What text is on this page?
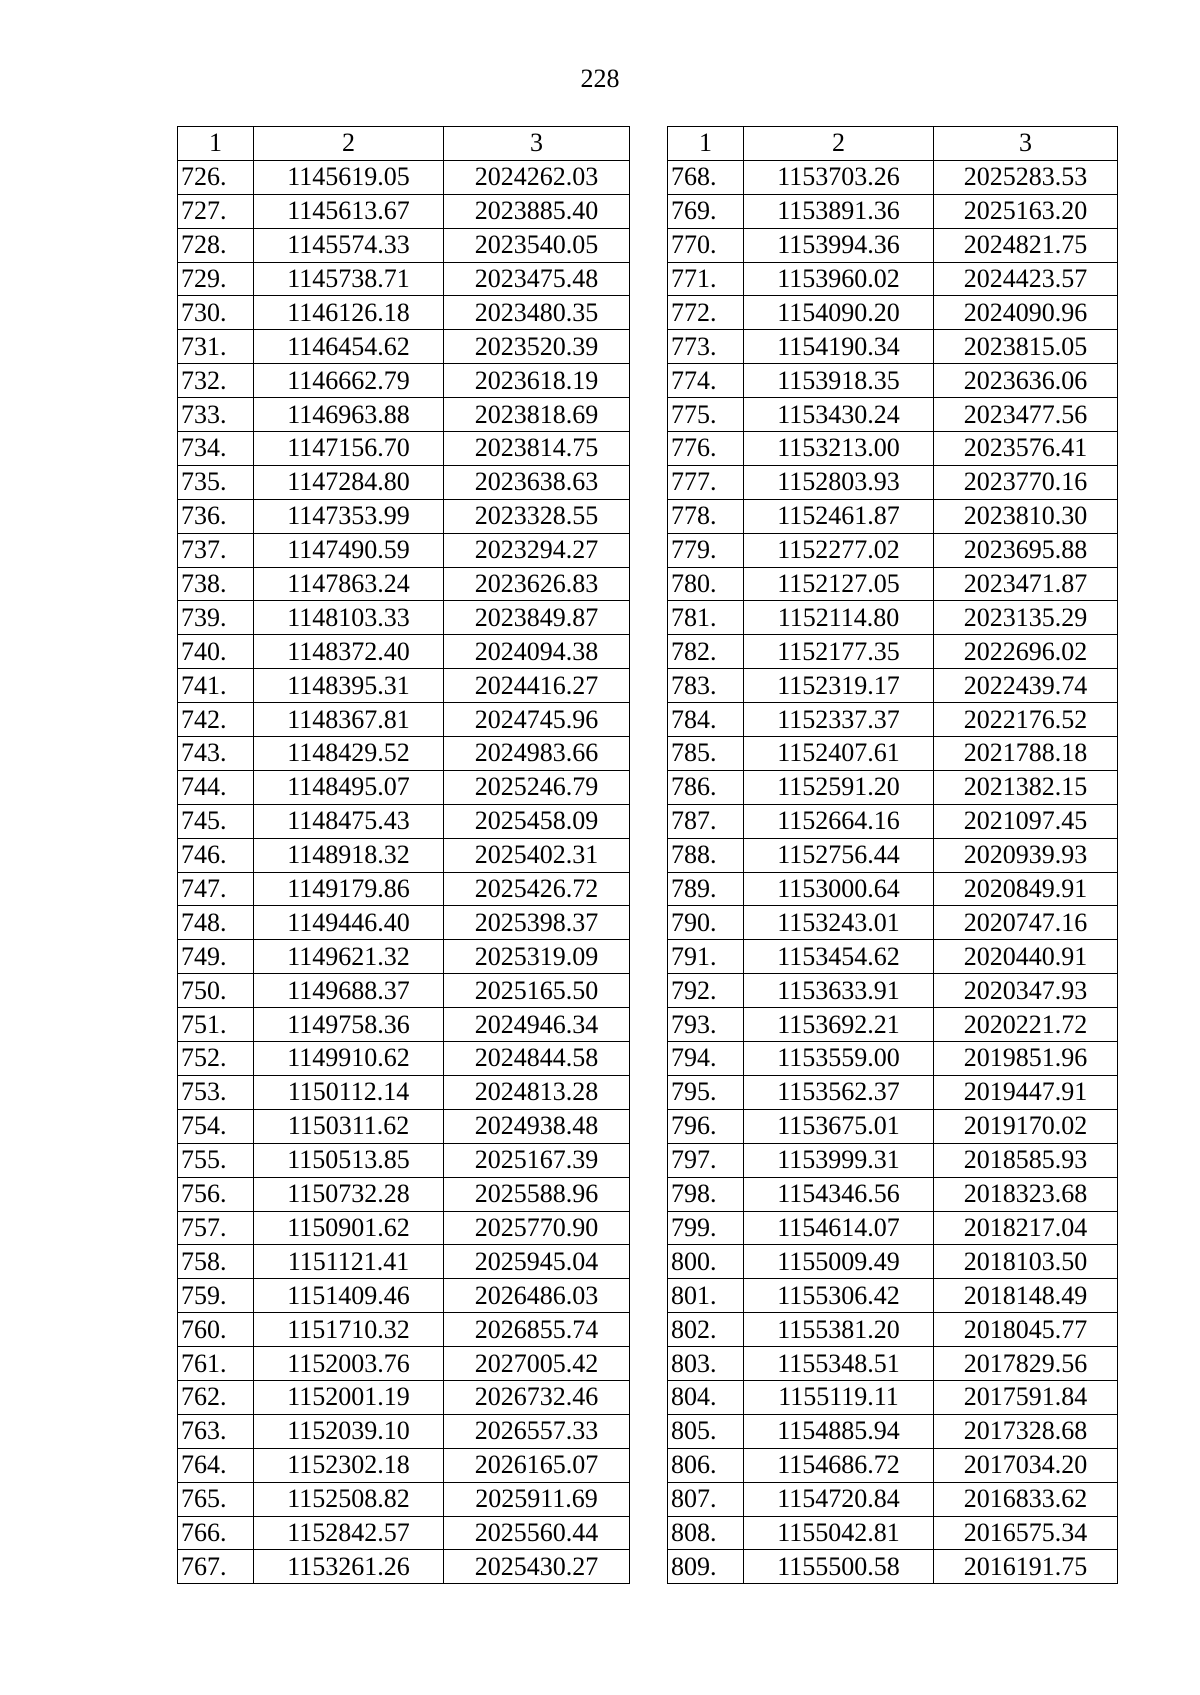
228
1	2	3
726.	1145619.05	2024262.03
727.	1145613.67	2023885.40
728.	1145574.33	2023540.05
729.	1145738.71	2023475.48
730.	1146126.18	2023480.35
731.	1146454.62	2023520.39
732.	1146662.79	2023618.19
733.	1146963.88	2023818.69
734.	1147156.70	2023814.75
735.	1147284.80	2023638.63
736.	1147353.99	2023328.55
737.	1147490.59	2023294.27
738.	1147863.24	2023626.83
739.	1148103.33	2023849.87
740.	1148372.40	2024094.38
741.	1148395.31	2024416.27
742.	1148367.81	2024745.96
743.	1148429.52	2024983.66
744.	1148495.07	2025246.79
745.	1148475.43	2025458.09
746.	1148918.32	2025402.31
747.	1149179.86	2025426.72
748.	1149446.40	2025398.37
749.	1149621.32	2025319.09
750.	1149688.37	2025165.50
751.	1149758.36	2024946.34
752.	1149910.62	2024844.58
753.	1150112.14	2024813.28
754.	1150311.62	2024938.48
755.	1150513.85	2025167.39
756.	1150732.28	2025588.96
757.	1150901.62	2025770.90
758.	1151121.41	2025945.04
759.	1151409.46	2026486.03
760.	1151710.32	2026855.74
761.	1152003.76	2027005.42
762.	1152001.19	2026732.46
763.	1152039.10	2026557.33
764.	1152302.18	2026165.07
765.	1152508.82	2025911.69
766.	1152842.57	2025560.44
767.	1153261.26	2025430.27
1	2	3
768.	1153703.26	2025283.53
769.	1153891.36	2025163.20
770.	1153994.36	2024821.75
771.	1153960.02	2024423.57
772.	1154090.20	2024090.96
773.	1154190.34	2023815.05
774.	1153918.35	2023636.06
775.	1153430.24	2023477.56
776.	1153213.00	2023576.41
777.	1152803.93	2023770.16
778.	1152461.87	2023810.30
779.	1152277.02	2023695.88
780.	1152127.05	2023471.87
781.	1152114.80	2023135.29
782.	1152177.35	2022696.02
783.	1152319.17	2022439.74
784.	1152337.37	2022176.52
785.	1152407.61	2021788.18
786.	1152591.20	2021382.15
787.	1152664.16	2021097.45
788.	1152756.44	2020939.93
789.	1153000.64	2020849.91
790.	1153243.01	2020747.16
791.	1153454.62	2020440.91
792.	1153633.91	2020347.93
793.	1153692.21	2020221.72
794.	1153559.00	2019851.96
795.	1153562.37	2019447.91
796.	1153675.01	2019170.02
797.	1153999.31	2018585.93
798.	1154346.56	2018323.68
799.	1154614.07	2018217.04
800.	1155009.49	2018103.50
801.	1155306.42	2018148.49
802.	1155381.20	2018045.77
803.	1155348.51	2017829.56
804.	1155119.11	2017591.84
805.	1154885.94	2017328.68
806.	1154686.72	2017034.20
807.	1154720.84	2016833.62
808.	1155042.81	2016575.34
809.	1155500.58	2016191.75
